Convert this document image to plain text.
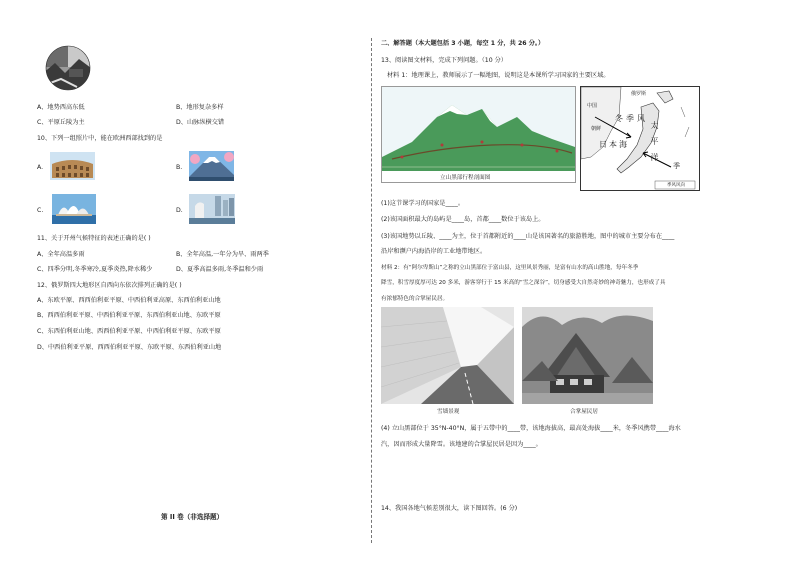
A、地势西高东低	B、地形复杂多样
C、平原丘陵为主	D、山脉纵横交错
10、下列一组照片中，能在欧洲西部找到的是
A.	B.
C.	D.
11、关于开州气候特征的表述正确的是( )
A、全年高温多雨	B、全年高温,一年分为旱、雨两季
C、四季分明,冬季寒冷,夏季炎热,降水稀少	D、夏季高温多雨,冬季温和少雨
12、俄罗斯四大地形区自西向东依次排列正确的是( )
A、东欧平原、西西伯利亚平原、中西伯利亚高原、东西伯利亚山地
B、西西伯利亚平原、中西伯利亚平原、东西伯利亚山地、东欧平原
C、东西伯利亚山地、西西伯利亚平原、中西伯利亚平原、东欧平原
D、中西伯利亚平原、西西伯利亚平原、东欧平原、东西伯利亚山地
第 II 卷（非选择题）
二、解答题（本大题包括 3 小题，每空 1 分，共 26 分。）
13、阅读图文材料，完成下列问题。（10 分）
材料 1：地理课上，教师展示了一幅地图，说明这是本课所学习国家的主要区域。
立山黑部行程剖面图
俄罗斯
中国
朝鲜
冬季风
日本海	太平洋 季
季风风向
(1)这节课学习的国家是____。
(2)该国面积最大的岛屿是____岛，首都____数位于该岛上。
(3)该国地势以丘陵、____为主，位于首都附近的____山是该国著名的旅游胜地，图中的城市主要分布在____
沿岸和濒户内海沿岸的工业地带地区。
材料 2：有“阿尔卑斯山”之称的立山黑部位于富山县，这里风景秀丽，是富有山水的高山胜地，每年冬季
降雪，积雪厚度厚可达 20 多米，游客穿行于 15 米高的“雪之深谷”，切身感受大自然奇妙的神奇魅力，也形成了具
有浓郁特色的合掌屋民居。
雪墙景观	合掌屋民居
(4) 立山黑部位于 35°N-40°N，属于五带中的____带，该地海拔高，最高处海拔____米，冬季风携带____海水
汽，因而形成大量降雪。该地建的合掌屋民居是因为____。
14、我国各地气候差别很大，读下图回答。(6 分)
